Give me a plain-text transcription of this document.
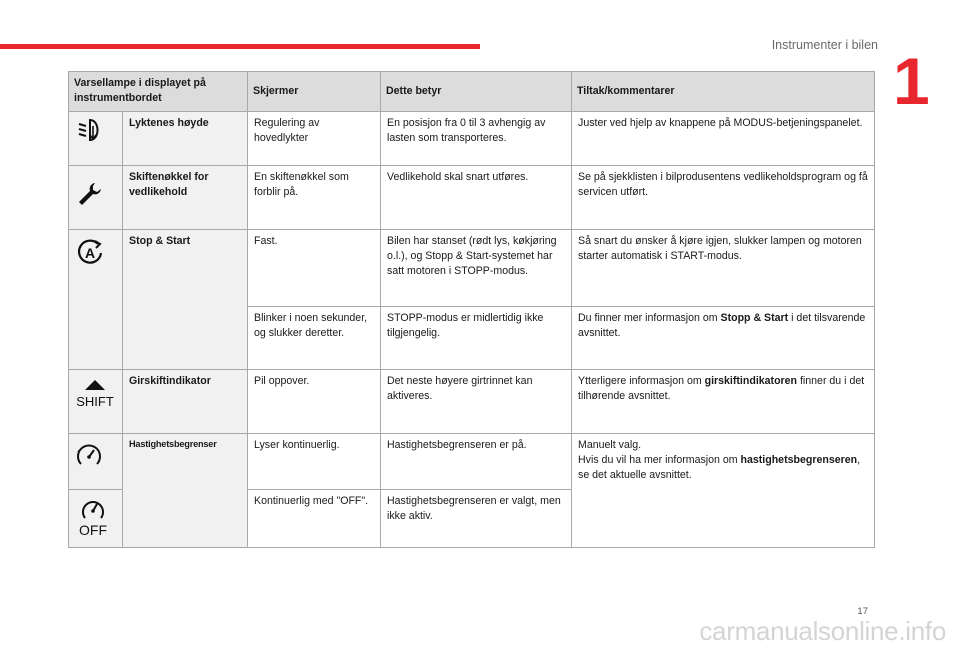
Instrumenter i bilen 1
Varsellampe i displayet på instrumentbordet		Skjermer	Dette betyr	Tiltak/kommentarer
	Lyktenes høyde	Regulering av hovedlykter	En posisjon fra 0 til 3 avhengig av lasten som transporteres.	Juster ved hjelp av knappene på MODUS-betjeningspanelet.
	Skiftenøkkel for vedlikehold	En skiftenøkkel som forblir på.	Vedlikehold skal snart utføres.	Se på sjekklisten i bilprodusentens vedlikeholdsprogram og få servicen utført.

A	Stop & Start	Fast.	Bilen har stanset (rødt lys, køkjøring o.l.), og Stopp & Start-systemet har satt motoren i STOPP-modus.	Så snart du ønsker å kjøre igjen, slukker lampen og motoren starter automatisk i START-modus.
		Blinker i noen sekunder, og slukker deretter.	STOPP-modus er midlertidig ikke tilgjengelig.	Du finner mer informasjon om Stopp & Start i det tilsvarende avsnittet.

SHIFT	Girskiftindikator	Pil oppover.	Det neste høyere girtrinnet kan aktiveres.	Ytterligere informasjon om girskiftindikatoren finner du i det tilhørende avsnittet.
	Hastighetsbegrenser	Lyser kontinuerlig.	Hastighetsbegrenseren er på.	Manuelt valg.
Hvis du vil ha mer informasjon om hastighetsbegrenseren, se det aktuelle avsnittet.

OFF		Kontinuerlig med "OFF".	Hastighetsbegrenseren er valgt, men ikke aktiv.	
17
carmanualsonline.info
